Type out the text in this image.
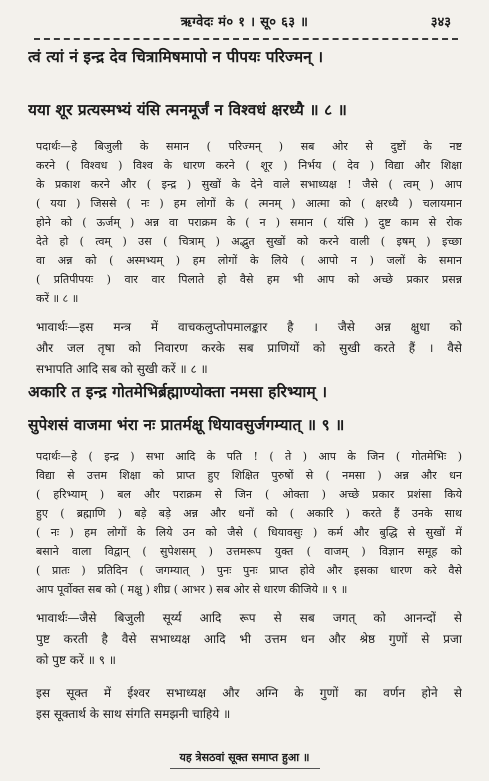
ऋग्वेदः मं० १ । सू० ६३ ॥	३४३
त्वं त्यां नं इन्द्र देव चित्रामिषमापो न पीपयः परिज्मन् ।
यया शूर प्रत्यस्मभ्यं यंसि त्मनमूर्जं न विश्वधं क्षरध्यै ॥ ८ ॥
पदार्थः—हे बिजुली के समान ( परिज्मन् ) सब ओर से दुष्टों के नष्ट
करने ( विश्वध ) विश्व के धारण करने ( शूर ) निर्भय ( देव ) विद्या और शिक्षा
के प्रकाश करने और ( इन्द्र ) सुखों के देने वाले सभाध्यक्ष ! जैसे ( त्वम् ) आप
( यया ) जिससे ( नः ) हम लोगों के ( त्मनम् ) आत्मा को ( क्षरध्यै ) चलायमान
होने को ( ऊर्जम् ) अन्न वा पराक्रम के ( न ) समान ( यंसि ) दुष्ट काम से रोक
देते हो ( त्वम् ) उस ( चित्राम् ) अद्भुत सुखों को करने वाली ( इषम् ) इच्छा
वा अन्न को ( अस्मभ्यम् ) हम लोगों के लिये ( आपो न ) जलों के समान
( प्रतिपीपयः ) वार वार पिलाते हो वैसे हम भी आप को अच्छे प्रकार प्रसन्न
करें ॥ ८ ॥
भावार्थः—इस मन्त्र में वाचकलुप्तोपमालङ्कार है । जैसे अन्न क्षुधा को
और जल तृषा को निवारण करके सब प्राणियों को सुखी करते हैं । वैसे
सभापति आदि सब को सुखी करें ॥ ८ ॥
अकारि त इन्द्र गोतमेभिर्ब्रह्माण्योक्ता नमसा हरिभ्याम् ।
सुपेशसं वाजमा भंरा नः प्रातर्मक्षू धियावसुर्जगम्यात् ॥ ९ ॥
पदार्थः—हे ( इन्द्र ) सभा आदि के पति ! ( ते ) आप के जिन ( गोतमेभिः )
विद्या से उत्तम शिक्षा को प्राप्त हुए शिक्षित पुरुषों से ( नमसा ) अन्न और धन
( हरिभ्याम् ) बल और पराक्रम से जिन ( ओक्ता ) अच्छे प्रकार प्रशंसा किये
हुए ( ब्रह्माणि ) बड़े बड़े अन्न और धनों को ( अकारि ) करते हैं उनके साथ
( नः ) हम लोगों के लिये उन को जैसे ( धियावसुः ) कर्म और बुद्धि से सुखों में
बसाने वाला विद्वान् ( सुपेशसम् ) उत्तमरूप युक्त ( वाजम् ) विज्ञान समूह को
( प्रातः ) प्रतिदिन ( जगम्यात् ) पुनः पुनः प्राप्त होवे और इसका धारण करे वैसे
आप पूर्वोक्त सब को ( मक्षु ) शीघ्र ( आभर ) सब ओर से धारण कीजिये ॥ ९ ॥
भावार्थः—जैसे बिजुली सूर्य्य आदि रूप से सब जगत् को आनन्दों से
पुष्ट करती है वैसे सभाध्यक्ष आदि भी उत्तम धन और श्रेष्ठ गुणों से प्रजा
को पुष्ट करें ॥ ९ ॥
इस सूक्त में ईश्वर सभाध्यक्ष और अग्नि के गुणों का वर्णन होने से
इस सूक्तार्थ के साथ संगति समझनी चाहिये ॥
यह त्रेसठवां सूक्त समाप्त हुआ ॥
